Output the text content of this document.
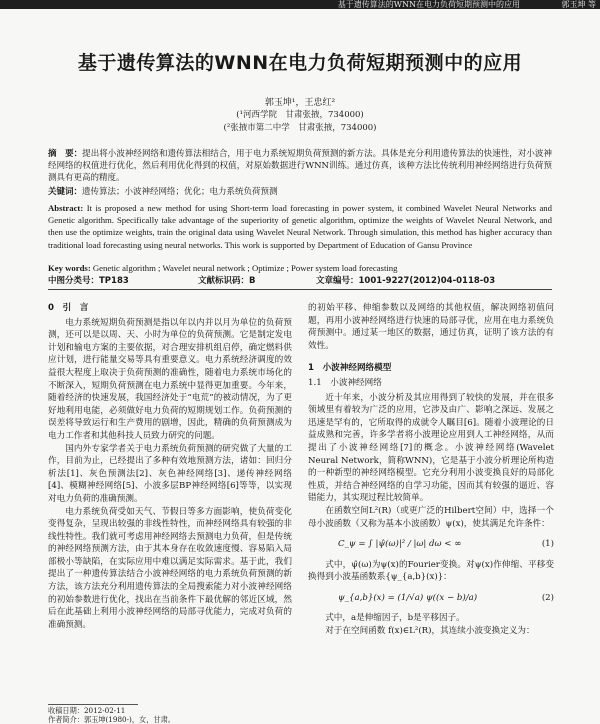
基于遗传算法的WNN在电力负荷短期预测中的应用	郭玉坤 等
基于遗传算法的WNN在电力负荷短期预测中的应用
郭玉坤¹，王忠红²
(¹河西学院　甘肃张掖，734000)
(²张掖市第二中学　甘肃张掖，734000)
摘　要：提出将小波神经网络和遗传算法相结合，用于电力系统短期负荷预测的新方法。具体是充分利用遗传算法的快速性，对小波神经网络的权值进行优化，然后利用优化得到的权值，对原始数据进行WNN训练。通过仿真，该种方法比传统利用神经网络进行负荷预测具有更高的精度。
关键词：遗传算法；小波神经网络；优化；电力系统负荷预测
Abstract: It is proposed a new method for using Short-term load forecasting in power system, it combined Wavelet Neural Networks and Genetic algorithm. Specifically take advantage of the superiority of genetic algorithm, optimize the weights of Wavelet Neural Network, and then use the optimize weights, train the original data using Wavelet Neural Network. Through simulation, this method has higher accuracy than traditional load forecasting using neural networks. This work is supported by Department of Education of Gansu Province
Key words: Genetic algorithm ; Wavelet neural network ; Optimize ; Power system load forecasting
中图分类号：TP183	文献标识码：B	文章编号：1001-9227(2012)04-0118-03
0　引　言

电力系统短期负荷预测是指以年以内并以月为单位的负荷预测，还可以是以周、天、小时为单位的负荷预测。它是制定发电计划和输电方案的主要依据，对合理安排机组启停，确定燃料供应计划，进行能量交易等具有重要意义。电力系统经济调度的效益很大程度上取决于负荷预测的准确性，随着电力系统市场化的不断深入，短期负荷预测在电力系统中显得更加重要。今年来，随着经济的快速发展，我国经济处于“电荒”的被动情况，为了更好地利用电能，必须做好电力负荷的短期规划工作。负荷预测的误差将导致运行和生产费用的剧增，因此，精确的负荷预测成为电力工作者和其他科技人员致力研究的问题。

国内外专家学者关于电力系统负荷预测的研究做了大量的工作，目前为止，已经提出了多种有效地预测方法，诸如：回归分析法[1]、灰色预测法[2]、灰色神经网络[3]、递传神经网络[4]、模糊神经网络[5]、小波多层BP神经网络[6]等等，以实现对电力负荷的准确预测。

电力系统负荷受如天气、节假日等多方面影响，使负荷变化变得复杂，呈现出较强的非线性特性，而神经网络具有较强的非线性特性。我们就可考虑用神经网络去预测电力负荷，但是传统的神经网络预测方法，由于其本身存在收敛速度慢、容易陷入局部极小等缺陷，在实际应用中难以满足实际需求。基于此，我们提出了一种遗传算法结合小波神经网络的电力系统负荷预测的新方法，该方法充分利用遗传算法的全局搜索能力对小波神经网络的初始参数进行优化，找出在当前条件下最优解的邻近区域，然后在此基础上利用小波神经网络的局部寻优能力，完成对负荷的准确预测。

的初始平移、伸缩参数以及网络的其他权值，解决网络初值问题，再用小波神经网络进行快速的局部寻优，应用在电力系统负荷预测中。通过某一地区的数据，通过仿真，证明了该方法的有效性。

1　小波神经网络模型
1.1　小波神经网络

近十年来，小波分析及其应用得到了较快的发展，并在很多领域里有着较为广泛的应用，它涉及由广、影响之深远、发展之迅速是罕有的，它所取得的成就令人瞩目[6]。随着小波理论的日益成熟和完善，许多学者将小波理论应用到人工神经网络，从而提出了小波神经网络[7]的概念。小波神经网络(Wavelet Neural Network，简称WNN)，它是基于小波分析理论所构造的一种新型的神经网络模型。它充分利用小波变换良好的局部化性质，并结合神经网络的自学习功能，因而其有较强的逼近、容错能力，其实现过程比较简单。

在函数空间L²(R)（或更广泛的Hilbert空间）中，选择一个母小波函数（又称为基本小波函数）ψ(x)，使其满足允许条件：

C_ψ = ∫ |ψ̂(ω)|² / |ω| dω < ∞	(1)

式中，ψ̂(ω)为ψ(x)的Fourier变换。对ψ(x)作伸缩、平移变换得到小波基函数系{ψ_{a,b}(x)}：

ψ_{a,b}(x) = (1/√a) ψ((x − b)/a)	(2)

式中，a是伸缩因子，b是平移因子。

对于在空间函数 f(x)∈L²(R)，其连续小波变换定义为：

收稿日期：2012-02-11
作者简介：郭玉坤(1980-)，女，甘肃。
